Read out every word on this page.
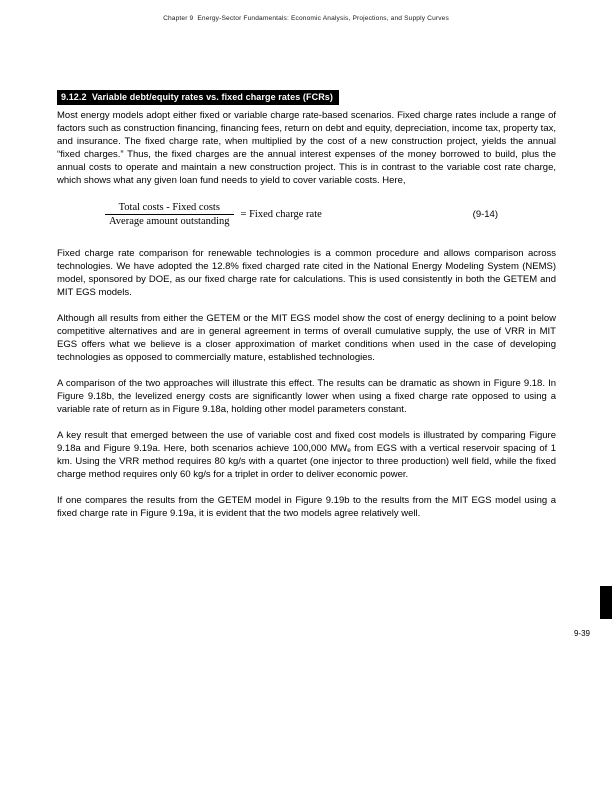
Chapter 9  Energy-Sector Fundamentals: Economic Analysis, Projections, and Supply Curves
9.12.2  Variable debt/equity rates vs. fixed charge rates (FCRs)

Most energy models adopt either fixed or variable charge rate-based scenarios. Fixed charge rates include a range of factors such as construction financing, financing fees, return on debt and equity, depreciation, income tax, property tax, and insurance. The fixed charge rate, when multiplied by the cost of a new construction project, yields the annual “fixed charges.” Thus, the fixed charges are the annual interest expenses of the money borrowed to build, plus the annual costs to operate and maintain a new construction project. This is in contrast to the variable cost rate charge, which shows what any given loan fund needs to yield to cover variable costs. Here,

$\frac{\text{Total costs - Fixed costs}}{\text{Average amount outstanding}}$ = Fixed charge rate	(9-14)

Fixed charge rate comparison for renewable technologies is a common procedure and allows comparison across technologies. We have adopted the 12.8% fixed charged rate cited in the National Energy Modeling System (NEMS) model, sponsored by DOE, as our fixed charge rate for calculations. This is used consistently in both the GETEM and MIT EGS models.

Although all results from either the GETEM or the MIT EGS model show the cost of energy declining to a point below competitive alternatives and are in general agreement in terms of overall cumulative supply, the use of VRR in MIT EGS offers what we believe is a closer approximation of market conditions when used in the case of developing technologies as opposed to commercially mature, established technologies.

A comparison of the two approaches will illustrate this effect. The results can be dramatic as shown in Figure 9.18. In Figure 9.18b, the levelized energy costs are significantly lower when using a fixed charge rate opposed to using a variable rate of return as in Figure 9.18a, holding other model parameters constant.

A key result that emerged between the use of variable cost and fixed cost models is illustrated by comparing Figure 9.18a and Figure 9.19a. Here, both scenarios achieve 100,000 $MW_e$ from EGS with a vertical reservoir spacing of 1 km. Using the VRR method requires 80 kg/s with a quartet (one injector to three production) well field, while the fixed charge method requires only 60 kg/s for a triplet in order to deliver economic power.

If one compares the results from the GETEM model in Figure 9.19b to the results from the MIT EGS model using a fixed charge rate in Figure 9.19a, it is evident that the two models agree relatively well.

9-39
